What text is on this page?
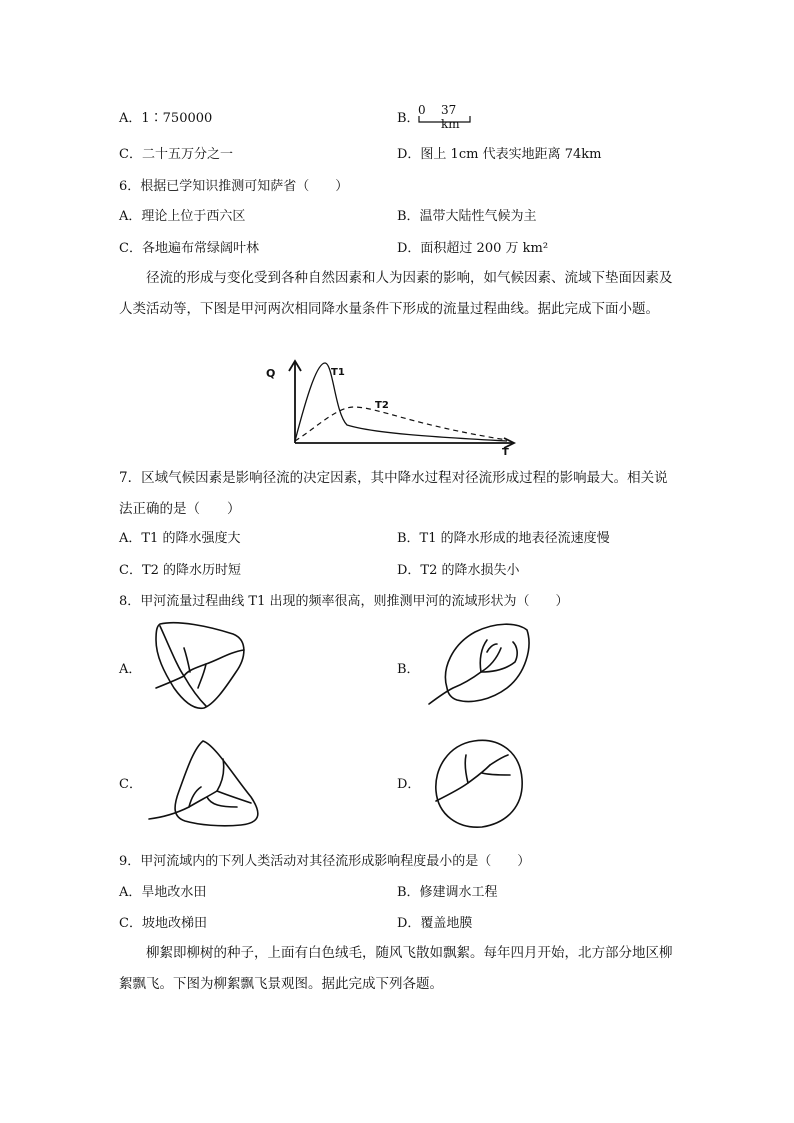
A．1∶750000	B．
0 37 km
C．二十五万分之一	D．图上 1cm 代表实地距离 74km
6．根据已学知识推测可知萨省（　　）
A．理论上位于西六区	B．温带大陆性气候为主
C．各地遍布常绿阔叶林	D．面积超过 200 万 km²
径流的形成与变化受到各种自然因素和人为因素的影响，如气候因素、流域下垫面因素及人类活动等，下图是甲河两次相同降水量条件下形成的流量过程曲线。据此完成下面小题。
Q	T1
T2
T
7．区域气候因素是影响径流的决定因素，其中降水过程对径流形成过程的影响最大。相关说法正确的是（　　）
A．T1 的降水强度大	B．T1 的降水形成的地表径流速度慢
C．T2 的降水历时短	D．T2 的降水损失小
8．甲河流量过程曲线 T1 出现的频率很高，则推测甲河的流域形状为（　　）
A．	B．
C．	D．
9．甲河流域内的下列人类活动对其径流形成影响程度最小的是（　　）
A．旱地改水田	B．修建调水工程
C．坡地改梯田	D．覆盖地膜
柳絮即柳树的种子，上面有白色绒毛，随风飞散如飘絮。每年四月开始，北方部分地区柳絮飘飞。下图为柳絮飘飞景观图。据此完成下列各题。
